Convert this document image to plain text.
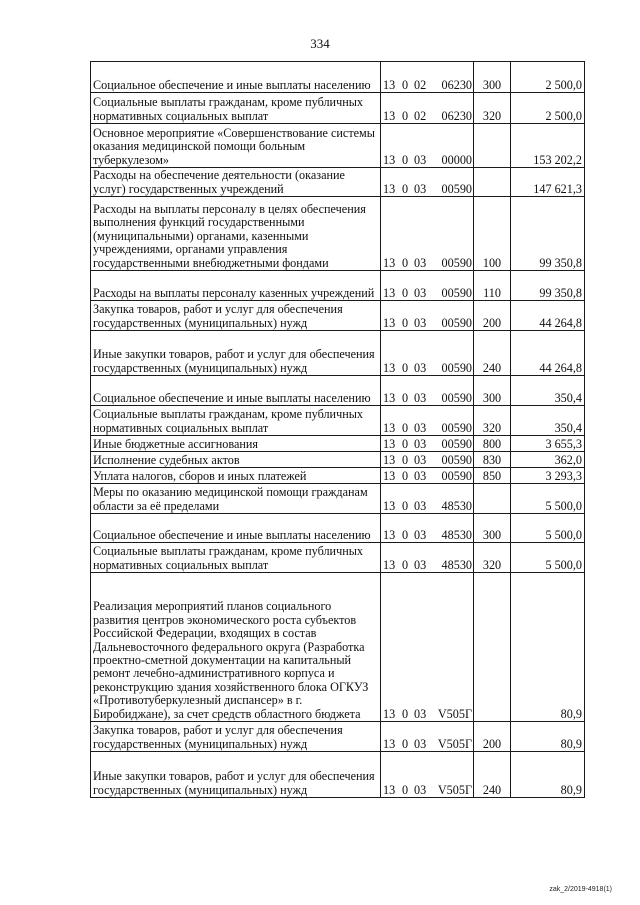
334
Социальное обеспечение и иные выплаты населению	13 0 02 06230	300	2 500,0
Социальные выплаты гражданам, кроме публичных нормативных социальных выплат	13 0 02 06230	320	2 500,0
Основное мероприятие «Совершенствование системы оказания медицинской помощи больным туберкулезом»	13 0 03 00000		153 202,2
Расходы на обеспечение деятельности (оказание услуг) государственных учреждений	13 0 03 00590		147 621,3
Расходы на выплаты персоналу в целях обеспечения выполнения функций государственными (муниципальными) органами, казенными учреждениями, органами управления государственными внебюджетными фондами	13 0 03 00590	100	99 350,8
Расходы на выплаты персоналу казенных учреждений	13 0 03 00590	110	99 350,8
Закупка товаров, работ и услуг для обеспечения государственных (муниципальных) нужд	13 0 03 00590	200	44 264,8
Иные закупки товаров, работ и услуг для обеспечения государственных (муниципальных) нужд	13 0 03 00590	240	44 264,8
Социальное обеспечение и иные выплаты населению	13 0 03 00590	300	350,4
Социальные выплаты гражданам, кроме публичных нормативных социальных выплат	13 0 03 00590	320	350,4
Иные бюджетные ассигнования	13 0 03 00590	800	3 655,3
Исполнение судебных актов	13 0 03 00590	830	362,0
Уплата налогов, сборов и иных платежей	13 0 03 00590	850	3 293,3
Меры по оказанию медицинской помощи гражданам области за её пределами	13 0 03 48530		5 500,0
Социальное обеспечение и иные выплаты населению	13 0 03 48530	300	5 500,0
Социальные выплаты гражданам, кроме публичных нормативных социальных выплат	13 0 03 48530	320	5 500,0
Реализация мероприятий планов социального развития центров экономического роста субъектов Российской Федерации, входящих в состав Дальневосточного федерального округа (Разработка проектно-сметной документации на капитальный ремонт лечебно-административного корпуса и реконструкцию здания хозяйственного блока ОГКУЗ «Противотуберкулезный диспансер» в г. Биробиджане), за счет средств областного бюджета	13 0 03 V505Г		80,9
Закупка товаров, работ и услуг для обеспечения государственных (муниципальных) нужд	13 0 03 V505Г	200	80,9
Иные закупки товаров, работ и услуг для обеспечения государственных (муниципальных) нужд	13 0 03 V505Г	240	80,9
zak_2/2019-4918(1)
